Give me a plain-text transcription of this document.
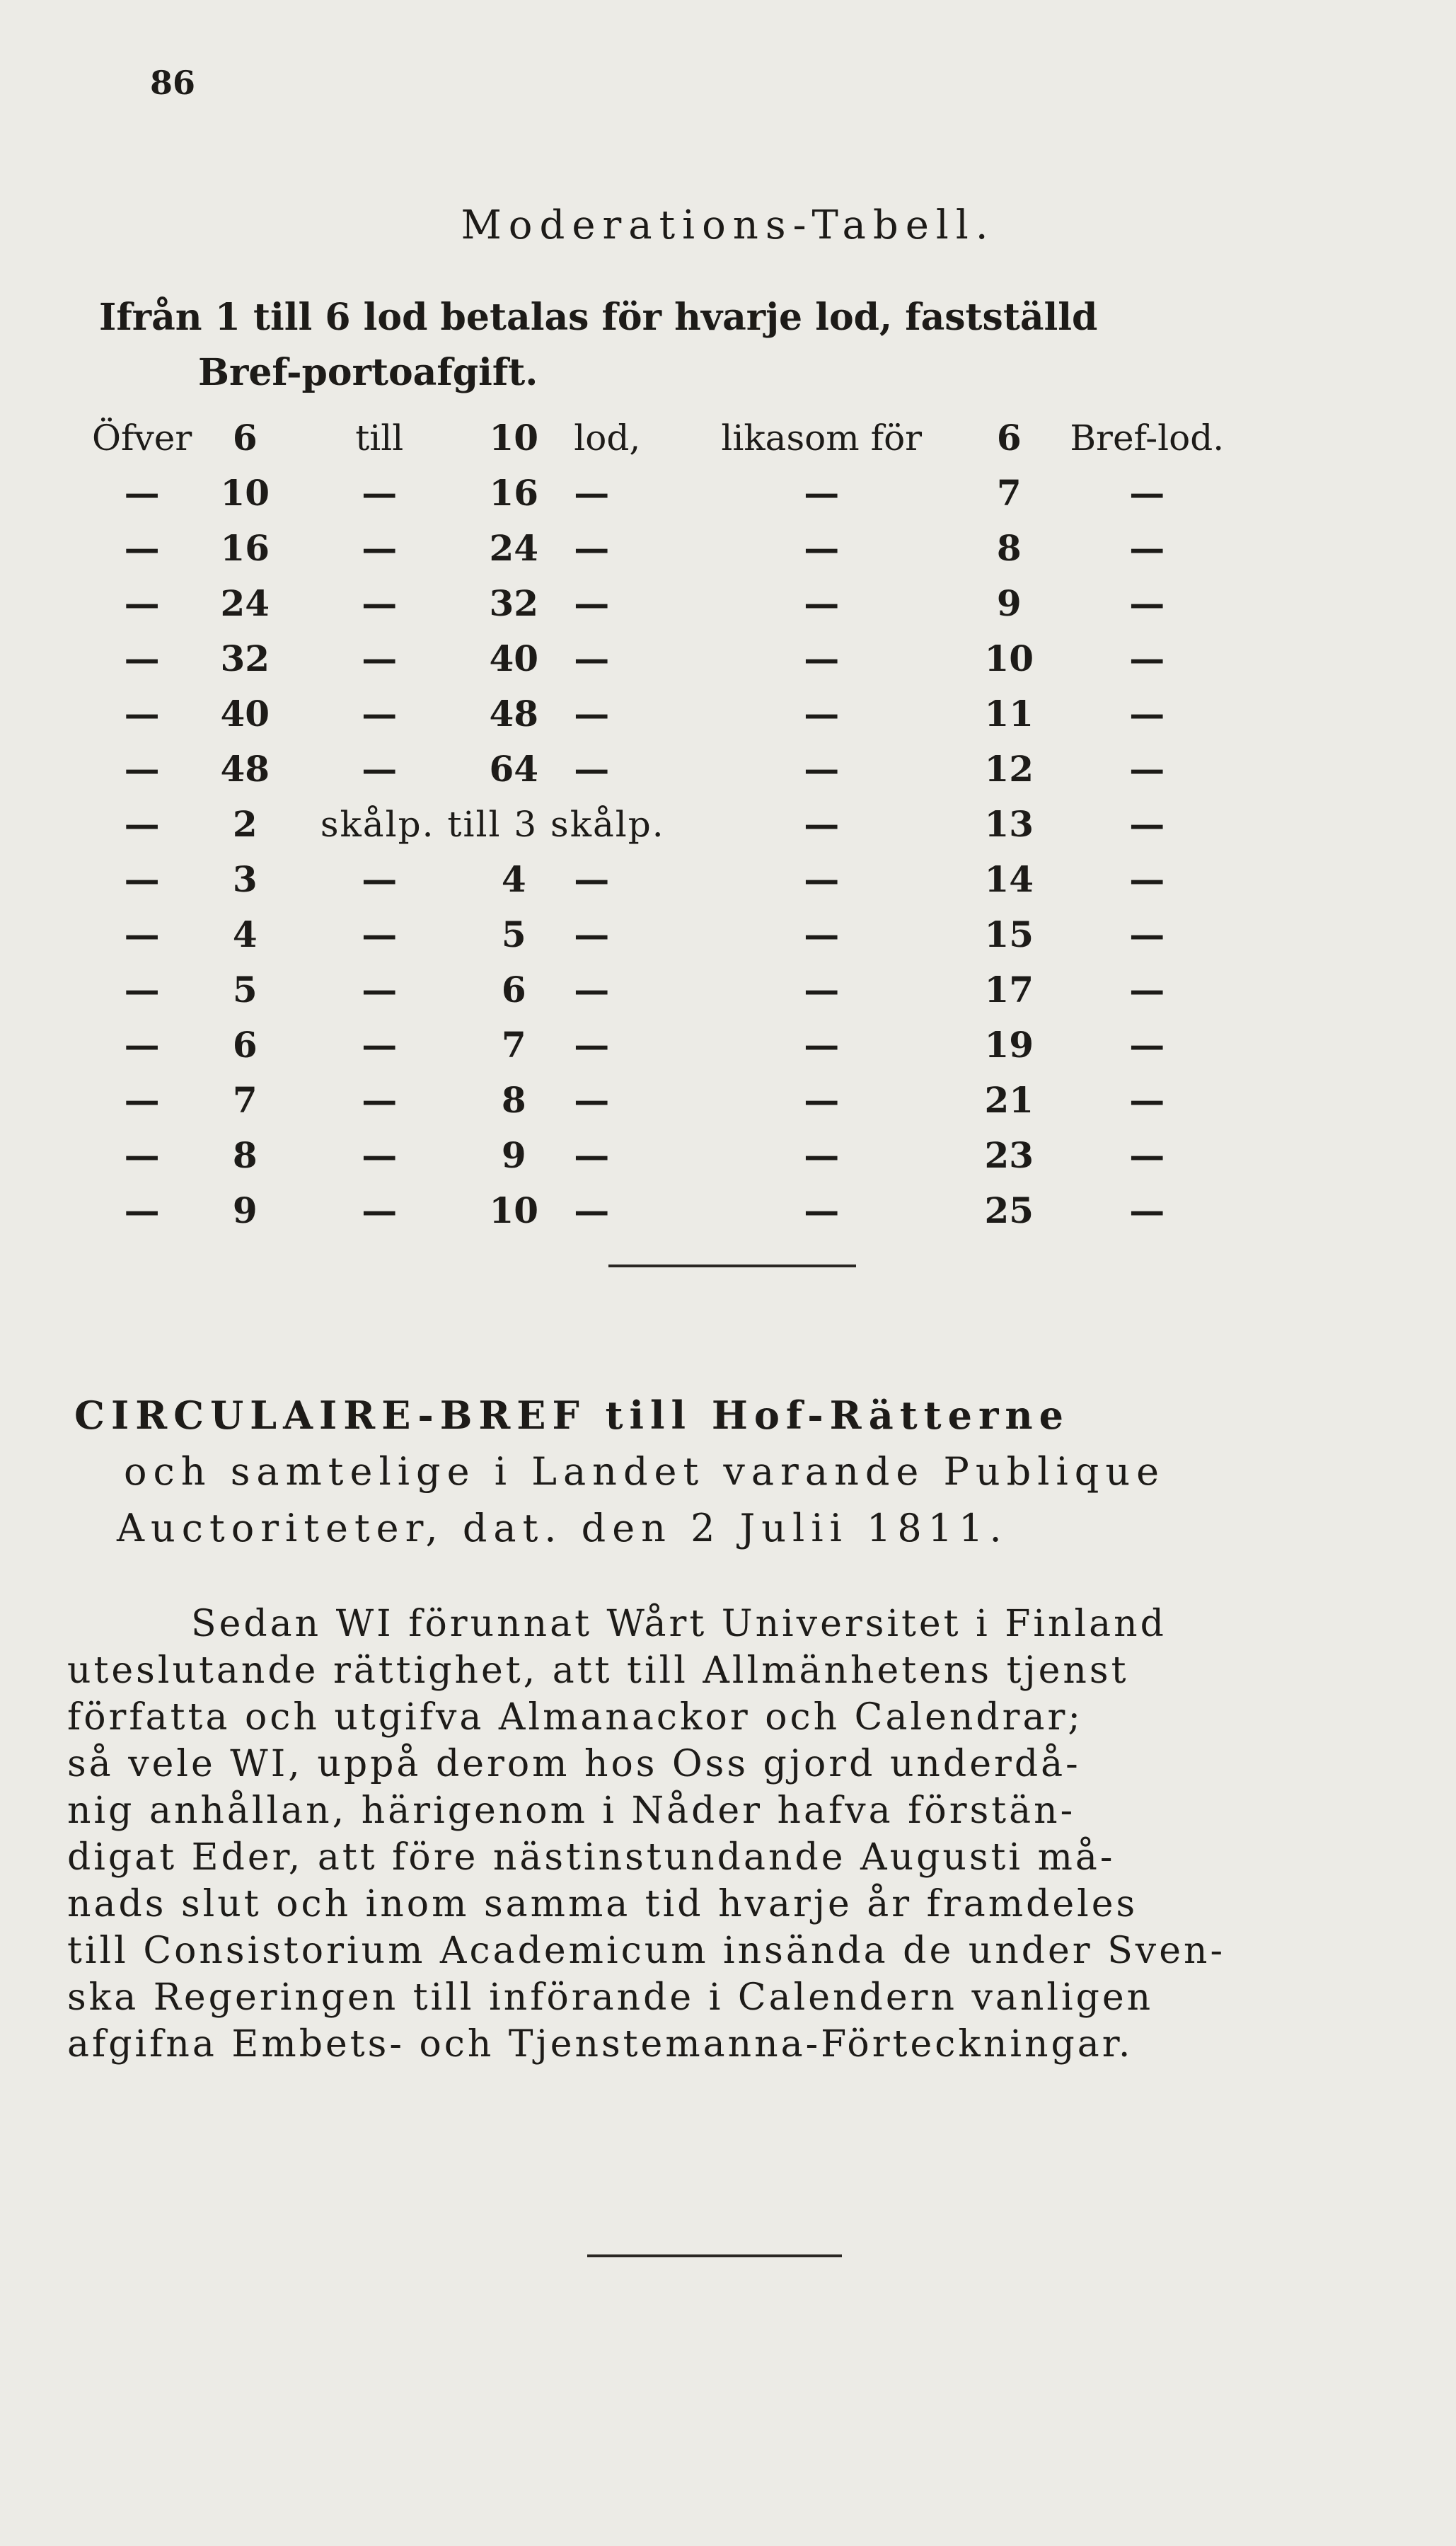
86
Moderations-Tabell.
Ifrån 1 till 6 lod betalas för hvarje lod, fastställd
Bref-portoafgift.
Öfver	6	till	10	lod,	likasom för	6	Bref-lod.
—	10	—	16	—	—	7	—
—	16	—	24	—	—	8	—
—	24	—	32	—	—	9	—
—	32	—	40	—	—	10	—
—	40	—	48	—	—	11	—
—	48	—	64	—	—	12	—
—	2	skålp. till 3 skålp.			—	13	—
—	3	—	4	—	—	14	—
—	4	—	5	—	—	15	—
—	5	—	6	—	—	17	—
—	6	—	7	—	—	19	—
—	7	—	8	—	—	21	—
—	8	—	9	—	—	23	—
—	9	—	10	—	—	25	—
CIRCULAIRE-BREF till Hof-Rätterne
och samtelige i Landet varande Publique
Auctoriteter, dat. den 2 Julii 1811.
Sedan WI förunnat Wårt Universitet i Finland
uteslutande rättighet, att till Allmänhetens tjenst
författa och utgifva Almanackor och Calendrar;
så vele WI, uppå derom hos Oss gjord underdå-
nig anhållan, härigenom i Nåder hafva förstän-
digat Eder, att före nästinstundande Augusti må-
nads slut och inom samma tid hvarje år framdeles
till Consistorium Academicum insända de under Sven-
ska Regeringen till införande i Calendern vanligen
afgifna Embets- och Tjenstemanna-Förteckningar.
